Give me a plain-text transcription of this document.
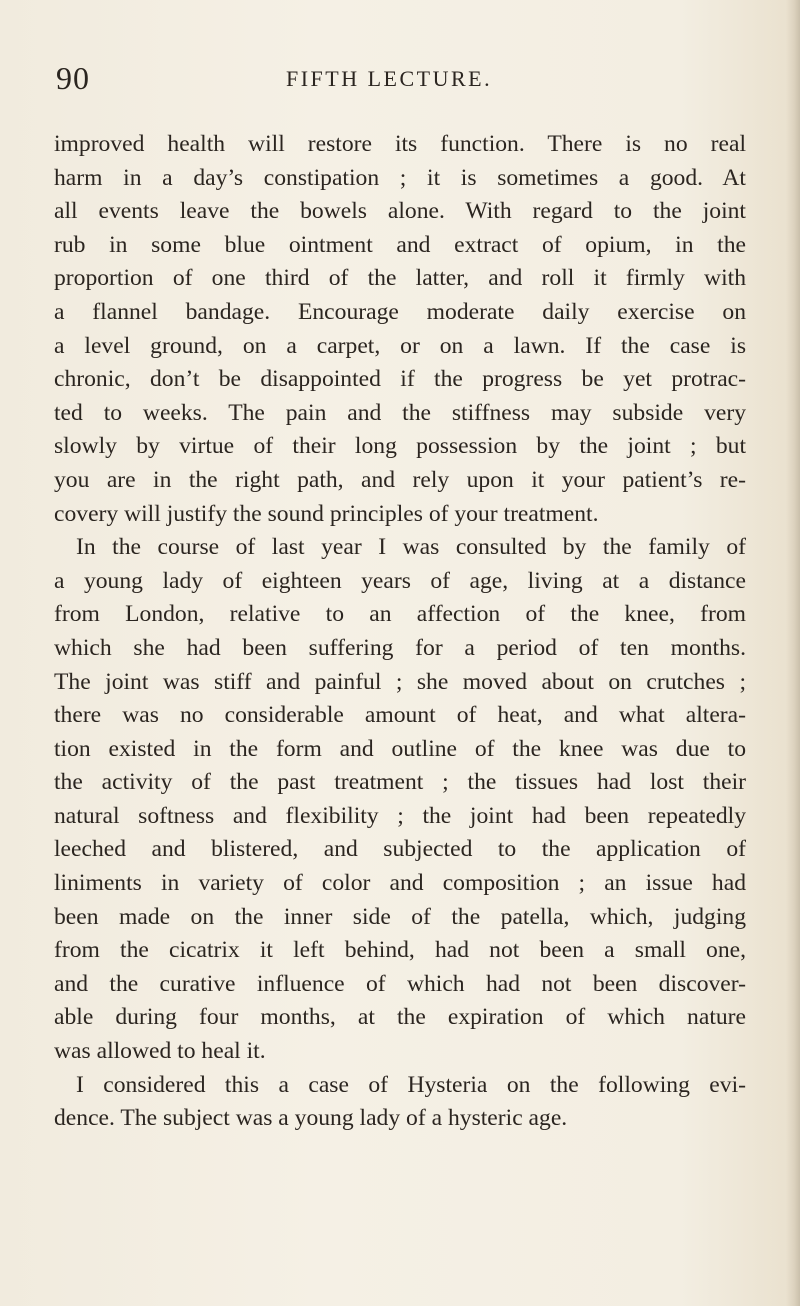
90	FIFTH LECTURE.
improved health will restore its function. There is no real
harm in a day’s constipation ; it is sometimes a good. At
all events leave the bowels alone. With regard to the joint
rub in some blue ointment and extract of opium, in the
proportion of one third of the latter, and roll it firmly with
a flannel bandage. Encourage moderate daily exercise on
a level ground, on a carpet, or on a lawn. If the case is
chronic, don’t be disappointed if the progress be yet protrac-
ted to weeks. The pain and the stiffness may subside very
slowly by virtue of their long possession by the joint ; but
you are in the right path, and rely upon it your patient’s re-
covery will justify the sound principles of your treatment.
In the course of last year I was consulted by the family of
a young lady of eighteen years of age, living at a distance
from London, relative to an affection of the knee, from
which she had been suffering for a period of ten months.
The joint was stiff and painful ; she moved about on crutches ;
there was no considerable amount of heat, and what altera-
tion existed in the form and outline of the knee was due to
the activity of the past treatment ; the tissues had lost their
natural softness and flexibility ; the joint had been repeatedly
leeched and blistered, and subjected to the application of
liniments in variety of color and composition ; an issue had
been made on the inner side of the patella, which, judging
from the cicatrix it left behind, had not been a small one,
and the curative influence of which had not been discover-
able during four months, at the expiration of which nature
was allowed to heal it.
I considered this a case of Hysteria on the following evi-
dence. The subject was a young lady of a hysteric age.
